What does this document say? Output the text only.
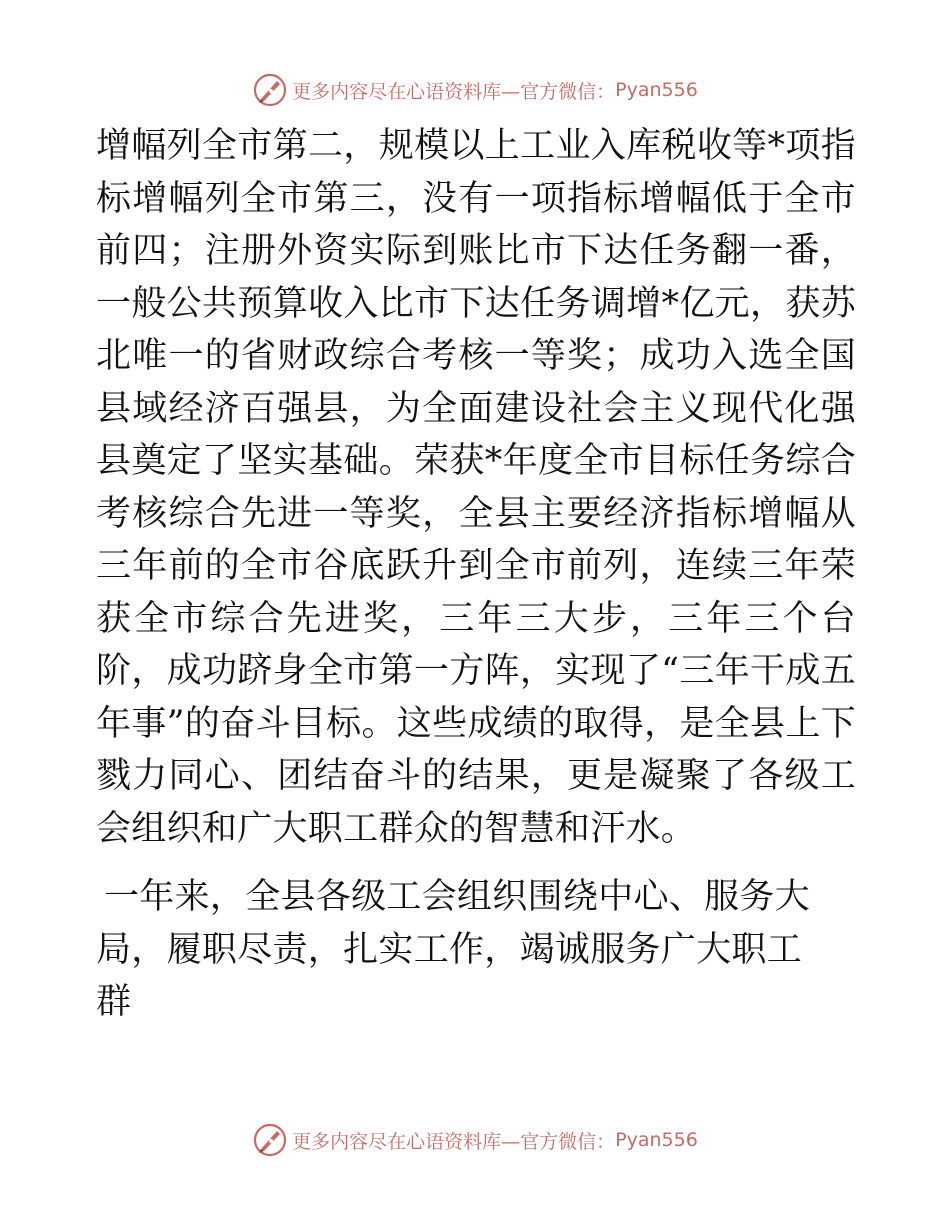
更多内容尽在心语资料库—官方微信： Pyan556

增幅列全市第二，规模以上工业入库税收等*项指标增幅列全市第三，没有一项指标增幅低于全市前四；注册外资实际到账比市下达任务翻一番，一般公共预算收入比市下达任务调增*亿元，获苏北唯一的省财政综合考核一等奖；成功入选全国县域经济百强县，为全面建设社会主义现代化强县奠定了坚实基础。荣获*年度全市目标任务综合考核综合先进一等奖，全县主要经济指标增幅从三年前的全市谷底跃升到全市前列，连续三年荣获全市综合先进奖，三年三大步，三年三个台阶，成功跻身全市第一方阵，实现了“三年干成五年事”的奋斗目标。这些成绩的取得，是全县上下戮力同心、团结奋斗的结果，更是凝聚了各级工会组织和广大职工群众的智慧和汗水。

一年来，全县各级工会组织围绕中心、服务大局，履职尽责，扎实工作，竭诚服务广大职工群

更多内容尽在心语资料库—官方微信： Pyan556
